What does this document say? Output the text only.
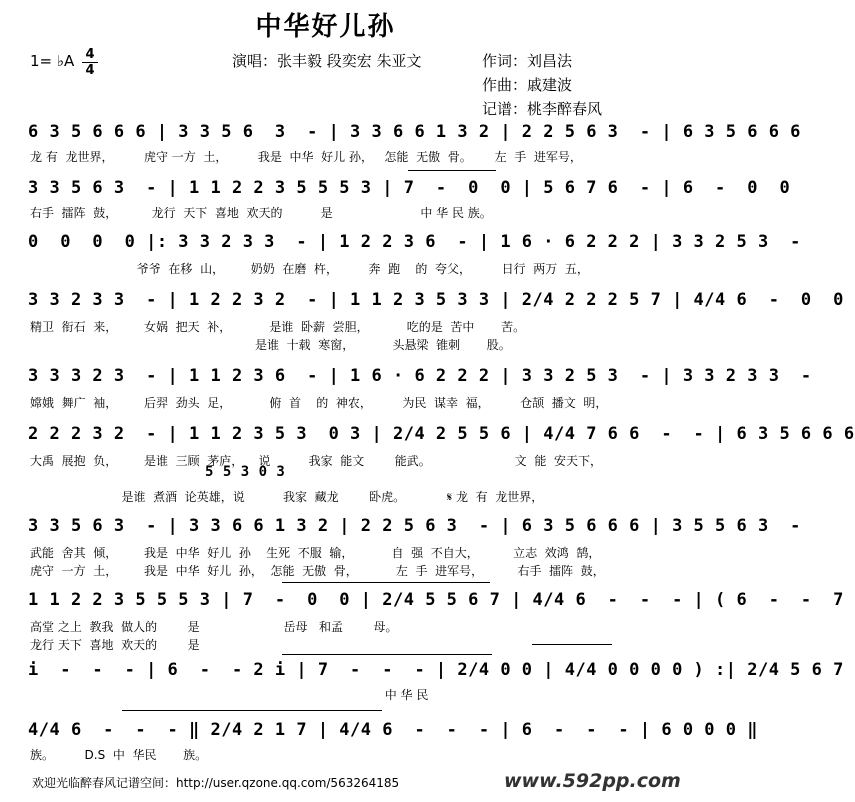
中华好儿孙
1= ♭A 4
4
演唱：张丰毅 段奕宏 朱亚文	作词：刘昌法
作曲：戚建波
记谱：桃李醉春风
6 3 5 6 6 6 | 3 3 5 6  3  - | 3 3 6 6 1 3 2 | 2 2 5 6 3  - | 6 3 5 6 6 6
龙 有  龙世界，        虎守 一方  土，        我是  中华  好儿 孙，   怎能  无傲  骨。      左  手  进军号，
3 3 5 6 3  - | 1 1 2 2 3 5 5 5 3 | 7  -  0  0 | 5 6 7 6  - | 6  -  0  0
右手  擂阵  鼓，         龙行  天下  喜地  欢天的          是                       中 华 民 族。
0  0  0  0 |: 3 3 2 3 3  - | 1 2 2 3 6  - | 1 6 · 6 2 2 2 | 3 3 2 5 3  -
爷爷  在移  山，       奶奶  在磨  杵，        奔  跑    的  夸父，        日行  两万  五，
3 3 2 3 3  - | 1 2 2 3 2  - | 1 1 2 3 5 3 3 | 2/4 2 2 2 5 7 | 4/4 6  -  0  0
精卫  衔石  来，       女娲  把天  补，          是谁  卧薪  尝胆，          吃的是  苦中       苦。
是谁  十载  寒窗，          头悬梁  锥刺       股。
3 3 3 2 3  - | 1 1 2 3 6  - | 1 6 · 6 2 2 2 | 3 3 2 5 3  - | 3 3 2 3 3  -
嫦娥  舞广  袖，       后羿  劲头  足，          俯  首    的  神农，        为民  谋幸  福，        仓颉  播文  明，
2 2 2 3 2  - | 1 1 2 3 5 3  0 3 | 2/4 2 5 5 6 | 4/4 7 6 6  -  - | 6 3 5 6 6 6
大禹  展抱  负，       是谁  三顾  茅庐，    说          我家  能文        能武。                      文  能  安天下，
5 5 3 0 3
是谁  煮酒  论英雄，说          我家  藏龙        卧虎。           𝄋 龙  有  龙世界，
3 3 5 6 3  - | 3 3 6 6 1 3 2 | 2 2 5 6 3  - | 6 3 5 6 6 6 | 3 5 5 6 3  -
武能  舍其  倾，       我是  中华  好儿  孙    生死  不服  输，          自  强  不自大，         立志  效鸿  鹄，
虎守  一方  土，       我是  中华  好儿  孙，  怎能  无傲  骨，          左  手  进军号，         右手  擂阵  鼓，
1 1 2 2 3 5 5 5 3 | 7  -  0  0 | 2/4 5 5 6 7 | 4/4 6  -  -  - | ( 6  -  -  7
高堂 之上  教我  做人的        是                      岳母   和孟        母。
龙行 天下  喜地  欢天的        是
i  -  -  - | 6  -  - 2 i | 7  -  -  - | 2/4 0 0 | 4/4 0 0 0 0 ) :| 2/4 5 6 7
中 华 民
4/4 6  -  -  - ‖ 2/4 2 1 7 | 4/4 6  -  -  - | 6  -  -  - | 6 0 0 0 ‖
族。        D.S  中  华民       族。
欢迎光临醉春风记谱空间：http://user.qzone.qq.com/563264185	www.592pp.com
